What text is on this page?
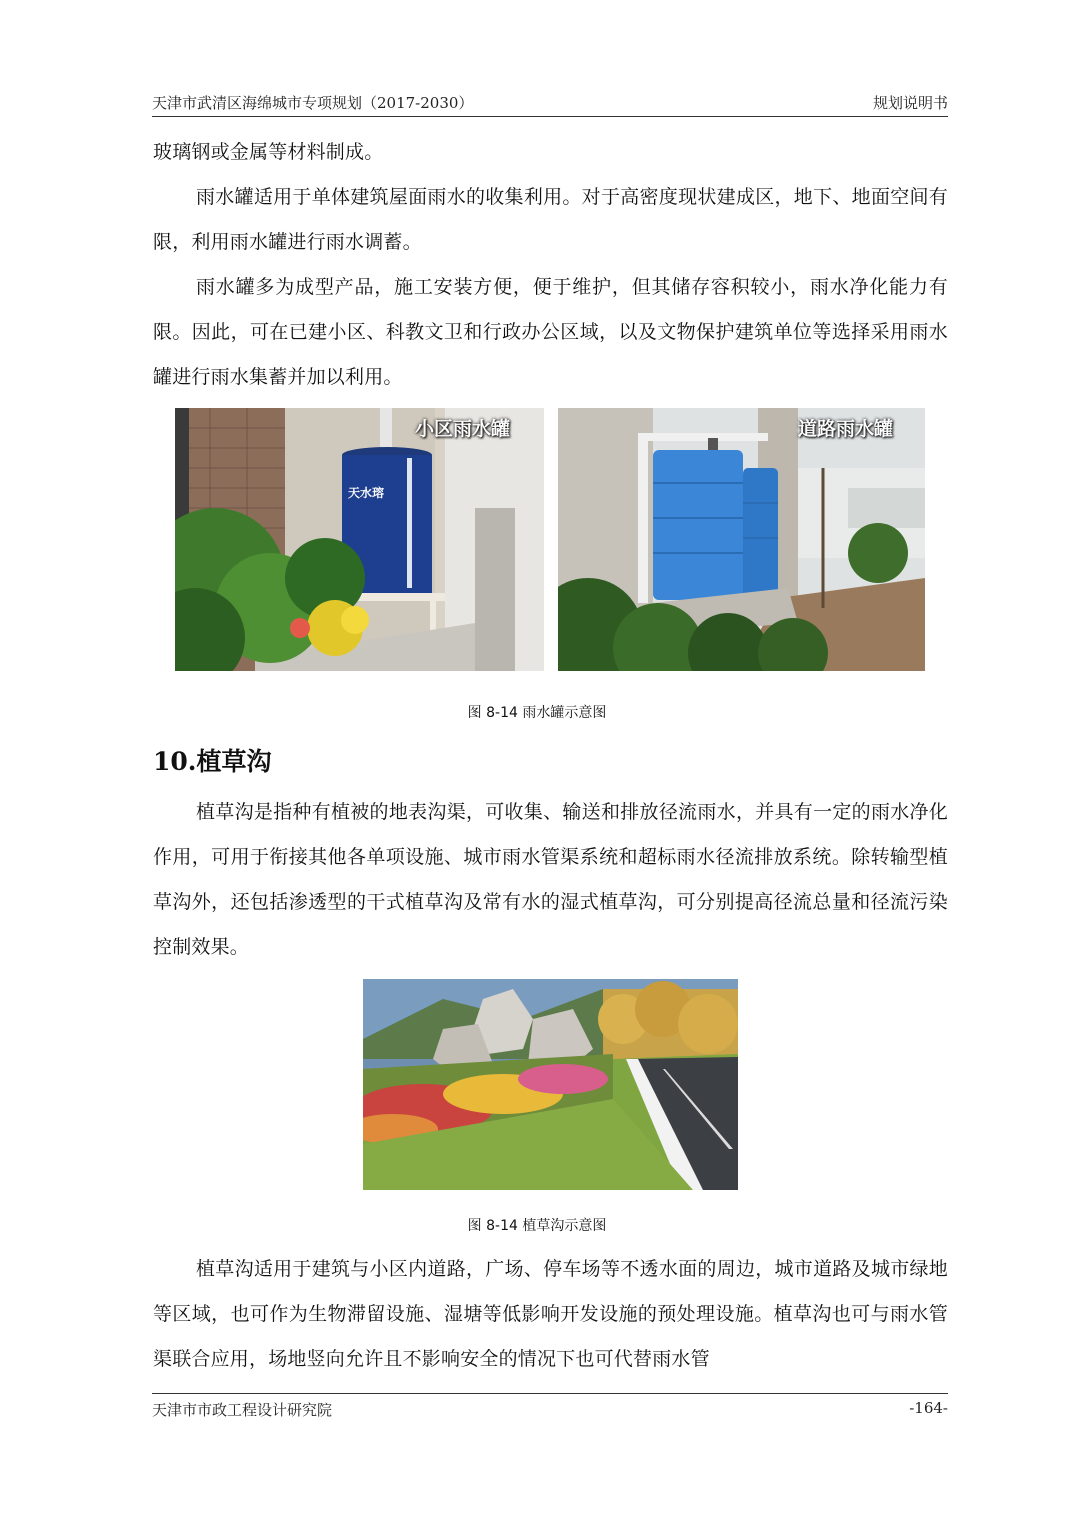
天津市武清区海绵城市专项规划（2017-2030）	规划说明书

玻璃钢或金属等材料制成。

雨水罐适用于单体建筑屋面雨水的收集利用。对于高密度现状建成区，地下、地面空间有限，利用雨水罐进行雨水调蓄。

雨水罐多为成型产品，施工安装方便，便于维护，但其储存容积较小，雨水净化能力有限。因此，可在已建小区、科教文卫和行政办公区域，以及文物保护建筑单位等选择采用雨水罐进行雨水集蓄并加以利用。

天水瑢
小区雨水罐	道路雨水罐
图 8-14 雨水罐示意图
10.植草沟

植草沟是指种有植被的地表沟渠，可收集、输送和排放径流雨水，并具有一定的雨水净化作用，可用于衔接其他各单项设施、城市雨水管渠系统和超标雨水径流排放系统。除转输型植草沟外，还包括渗透型的干式植草沟及常有水的湿式植草沟，可分别提高径流总量和径流污染控制效果。

图 8-14 植草沟示意图

植草沟适用于建筑与小区内道路，广场、停车场等不透水面的周边，城市道路及城市绿地等区域，也可作为生物滞留设施、湿塘等低影响开发设施的预处理设施。植草沟也可与雨水管渠联合应用，场地竖向允许且不影响安全的情况下也可代替雨水管

天津市市政工程设计研究院	-164-
